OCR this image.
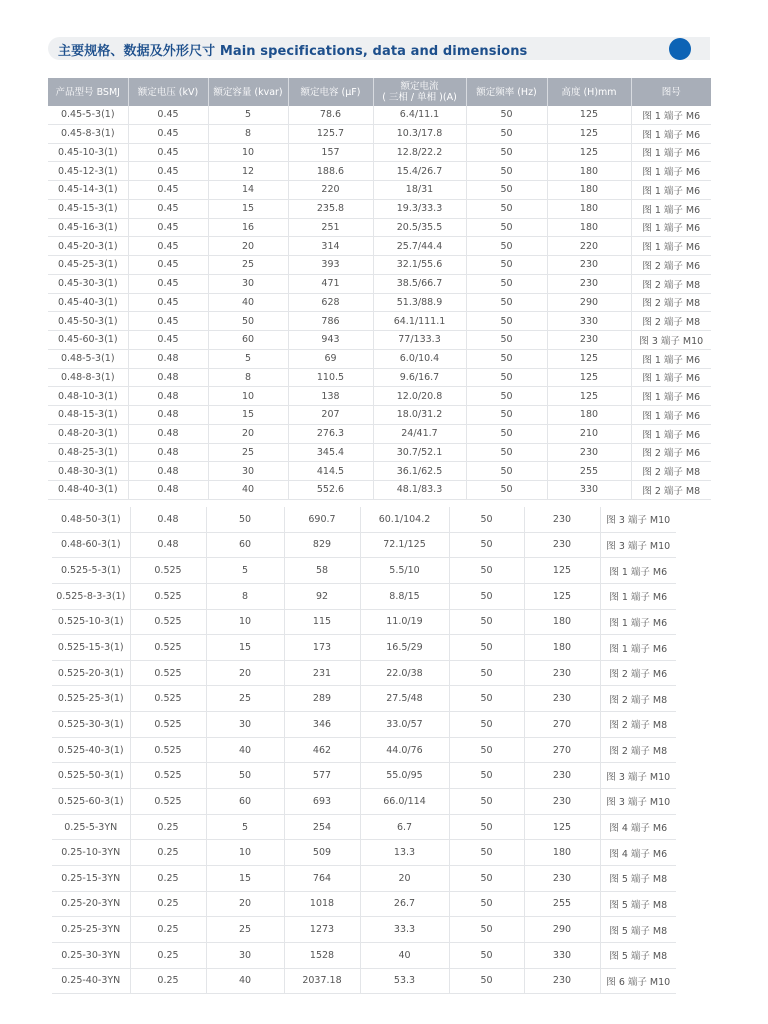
主要规格、数据及外形尺寸 Main specifications, data and dimensions
产品型号 BSMJ	额定电压 (kV)	额定容量 (kvar)	额定电容 (μF)	额定电流
( 三相 / 单相 )(A)	额定频率 (Hz)	高度 (H)mm	图号
0.45-5-3(1)	0.45	5	78.6	6.4/11.1	50	125	图 1 端子 M6
0.45-8-3(1)	0.45	8	125.7	10.3/17.8	50	125	图 1 端子 M6
0.45-10-3(1)	0.45	10	157	12.8/22.2	50	125	图 1 端子 M6
0.45-12-3(1)	0.45	12	188.6	15.4/26.7	50	180	图 1 端子 M6
0.45-14-3(1)	0.45	14	220	18/31	50	180	图 1 端子 M6
0.45-15-3(1)	0.45	15	235.8	19.3/33.3	50	180	图 1 端子 M6
0.45-16-3(1)	0.45	16	251	20.5/35.5	50	180	图 1 端子 M6
0.45-20-3(1)	0.45	20	314	25.7/44.4	50	220	图 1 端子 M6
0.45-25-3(1)	0.45	25	393	32.1/55.6	50	230	图 2 端子 M6
0.45-30-3(1)	0.45	30	471	38.5/66.7	50	230	图 2 端子 M8
0.45-40-3(1)	0.45	40	628	51.3/88.9	50	290	图 2 端子 M8
0.45-50-3(1)	0.45	50	786	64.1/111.1	50	330	图 2 端子 M8
0.45-60-3(1)	0.45	60	943	77/133.3	50	230	图 3 端子 M10
0.48-5-3(1)	0.48	5	69	6.0/10.4	50	125	图 1 端子 M6
0.48-8-3(1)	0.48	8	110.5	9.6/16.7	50	125	图 1 端子 M6
0.48-10-3(1)	0.48	10	138	12.0/20.8	50	125	图 1 端子 M6
0.48-15-3(1)	0.48	15	207	18.0/31.2	50	180	图 1 端子 M6
0.48-20-3(1)	0.48	20	276.3	24/41.7	50	210	图 1 端子 M6
0.48-25-3(1)	0.48	25	345.4	30.7/52.1	50	230	图 2 端子 M6
0.48-30-3(1)	0.48	30	414.5	36.1/62.5	50	255	图 2 端子 M8
0.48-40-3(1)	0.48	40	552.6	48.1/83.3	50	330	图 2 端子 M8
0.48-50-3(1)	0.48	50	690.7	60.1/104.2	50	230	图 3 端子 M10
0.48-60-3(1)	0.48	60	829	72.1/125	50	230	图 3 端子 M10
0.525-5-3(1)	0.525	5	58	5.5/10	50	125	图 1 端子 M6
0.525-8-3-3(1)	0.525	8	92	8.8/15	50	125	图 1 端子 M6
0.525-10-3(1)	0.525	10	115	11.0/19	50	180	图 1 端子 M6
0.525-15-3(1)	0.525	15	173	16.5/29	50	180	图 1 端子 M6
0.525-20-3(1)	0.525	20	231	22.0/38	50	230	图 2 端子 M6
0.525-25-3(1)	0.525	25	289	27.5/48	50	230	图 2 端子 M8
0.525-30-3(1)	0.525	30	346	33.0/57	50	270	图 2 端子 M8
0.525-40-3(1)	0.525	40	462	44.0/76	50	270	图 2 端子 M8
0.525-50-3(1)	0.525	50	577	55.0/95	50	230	图 3 端子 M10
0.525-60-3(1)	0.525	60	693	66.0/114	50	230	图 3 端子 M10
0.25-5-3YN	0.25	5	254	6.7	50	125	图 4 端子 M6
0.25-10-3YN	0.25	10	509	13.3	50	180	图 4 端子 M6
0.25-15-3YN	0.25	15	764	20	50	230	图 5 端子 M8
0.25-20-3YN	0.25	20	1018	26.7	50	255	图 5 端子 M8
0.25-25-3YN	0.25	25	1273	33.3	50	290	图 5 端子 M8
0.25-30-3YN	0.25	30	1528	40	50	330	图 5 端子 M8
0.25-40-3YN	0.25	40	2037.18	53.3	50	230	图 6 端子 M10
